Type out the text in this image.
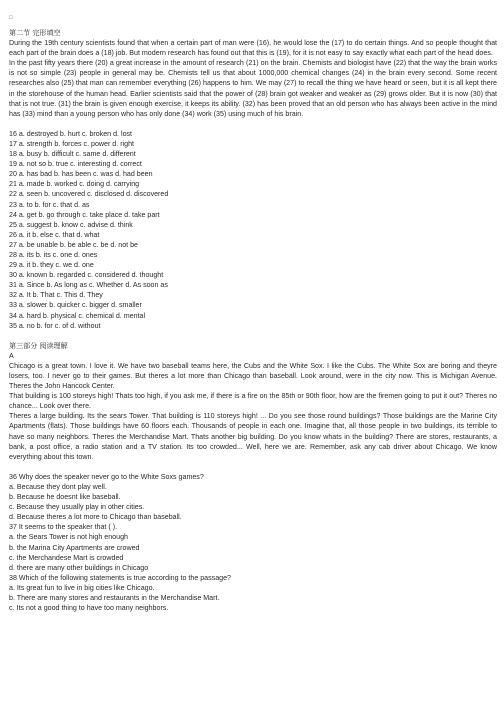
□

第二节 完形填空

During the 19th century scientists found that when a certain part of man were (16), he would lose the (17) to do certain things. And so people thought that each part of the brain does a (18) job. But modern research has found out that this is (19), for it is not easy to say exactly what each part of the head does.

In the past fifty years there (20) a great increase in the amount of research (21) on the brain. Chemists and biologist have (22) that the way the brain works is not so simple (23) people in general may be. Chemists tell us that about 1000,000 chemical changes (24) in the brain every second. Some recent researches also (25) that man can remember everything (26) happens to him. We may (27) to recall the thing we have heard or seen, but it is all kept there in the storehouse of the human head. Earlier scientists said that the power of (28) brain got weaker and weaker as (29) grows older. But it is now (30) that that is not true. (31) the brain is given enough exercise, it keeps its ability. (32) has been proved that an old person who has always been active in the mind has (33) mind than a young person who has only done (34) work (35) using much of his brain.

16 a. destroyed b. hurt c. broken d. lost

17 a. strength b. forces c. power d. right

18 a. busy b. difficult c. same d. different

19 a. not so b. true c. interesting d. correct

20 a. has bad b. has been c. was d. had been

21 a. made b. worked c. doing d. carrying

22 a. seen b. uncovered c. disclosed d. discovered

23 a. to b. for c. that d. as

24 a. get b. go through c. take place d. take part

25 a. suggest b. know c. advise d. think

26 a. it b. else c. that d. what

27 a. be unable b. be able c. be d. not be

28 a. its b. its c. one d. ones

29 a. it b. they c. we d. one

30 a. known b. regarded c. considered d. thought

31 a. Since b. As long as c. Whether d. As soon as

32 a. It b. That c. This d. They

33 a. slower b. quicker c. bigger d. smaller

34 a. hard b. physical c. chemical d. mental

35 a. no b. for c. of d. without

第三部分 阅读理解

A

Chicago is a great town. I love it. We have two baseball teams here, the Cubs and the White Sox. I like the Cubs. The White Sox are boring and theyre losers, too. I never go to their games. But theres a lot more than Chicago than baseball. Look around, were in the city now. This is Michigan Avenue. Theres the John Hancock Center.

That building is 100 storeys high! Thats too high, if you ask me, if there is a fire on the 85th or 90th floor, how are the firemen going to put it out? Theres no chance... Look over there.

Theres a large building. Its the sears Tower. That building is 110 storeys high! ... Do you see those round buildings? Those buildings are the Marine City Apartments (flats). Those buildings have 60 floors each. Thousands of people in each one. Imagine that, all those people in two buildings, its terrible to have so many neighbors. Theres the Merchandise Mart. Thats another big building. Do you know whats in the building? There are stores, restaurants, a bank, a post office, a radio station and a TV station. Its too crowded... Well, here we are. Remember, ask any cab driver about Chicago. We know everything about this town.

36 Why does the speaker never go to the White Soxs games?

a. Because they dont play well.

b. Because he doesnt like baseball.

c. Because they usually play in other cities.

d. Because theres a lot more to Chicago than baseball.

37 It seems to the speaker that ( ).

a. the Sears Tower is not high enough

b. the Marina City Apartments are crowed

c. the Merchandese Mart is crowded

d. there are many other buildings in Chicago

38 Which of the following statements is true according to the passage?

a. Its great fun to live in big cities like Chicago.

b. There are many stores and restaurants in the Merchandise Mart.

c. Its not a good thing to have too many neighbors.
